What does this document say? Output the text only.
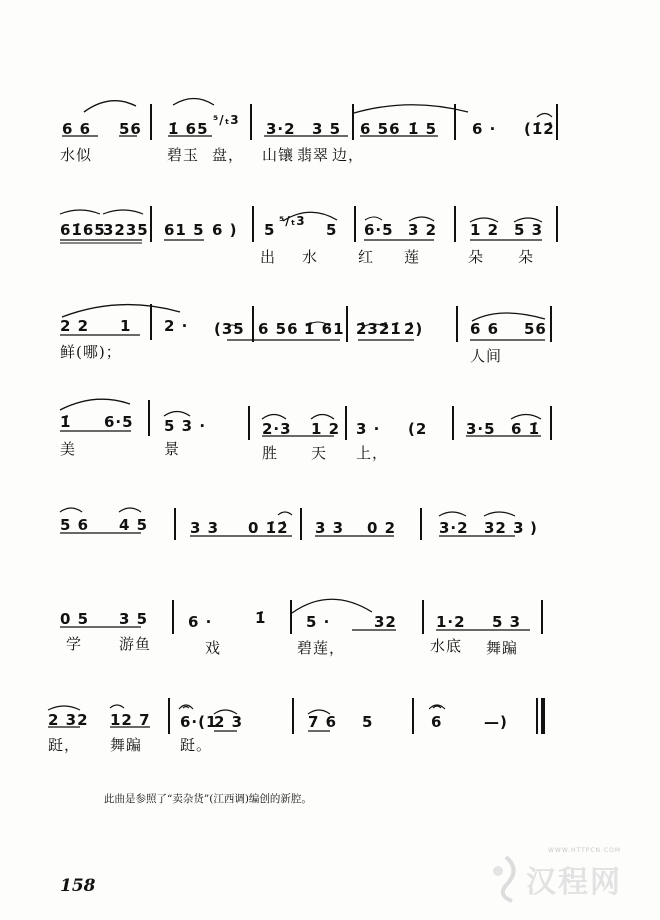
6 6 56 1̇ 65 ⁵/ₜ3 3·2 3 5 6 56 1̇ 5 6 · (1̇2̇
水似	碧玉 盘， 山镶 翡翠 边，
61̇65
3235 61 5 6 ) 5 ⁵/ₜ3 5 6·5 3 2 1 2 5 3
出 水	红 莲	朵 朵
2 2 1 2 · (35 6 56 1̇ 61 2̇32̇1̇ 2̇)	6 6 56
鲜(哪)；	人间
1̇ 6·5 5 3 ·	2·3 1 2 3 · (2	3·5 6 1̇
美	景	胜 天 上，
5 6 4 5	3 3 0 1̇2̇ 3 3 0 2	3·2 32 3 )
0 5 3 5	6 ·	1̇	5 ·	32	1·2 5 3
学 游鱼	戏	碧莲，	水底 舞蹁
2 32 12 7 6·(1
2 3	7 6 5	6	—)
跹， 舞蹁	跹。
此曲是参照了“卖杂货”(江西调)编创的新腔。
158
WWW.HTTPCN.COM
汉程网
